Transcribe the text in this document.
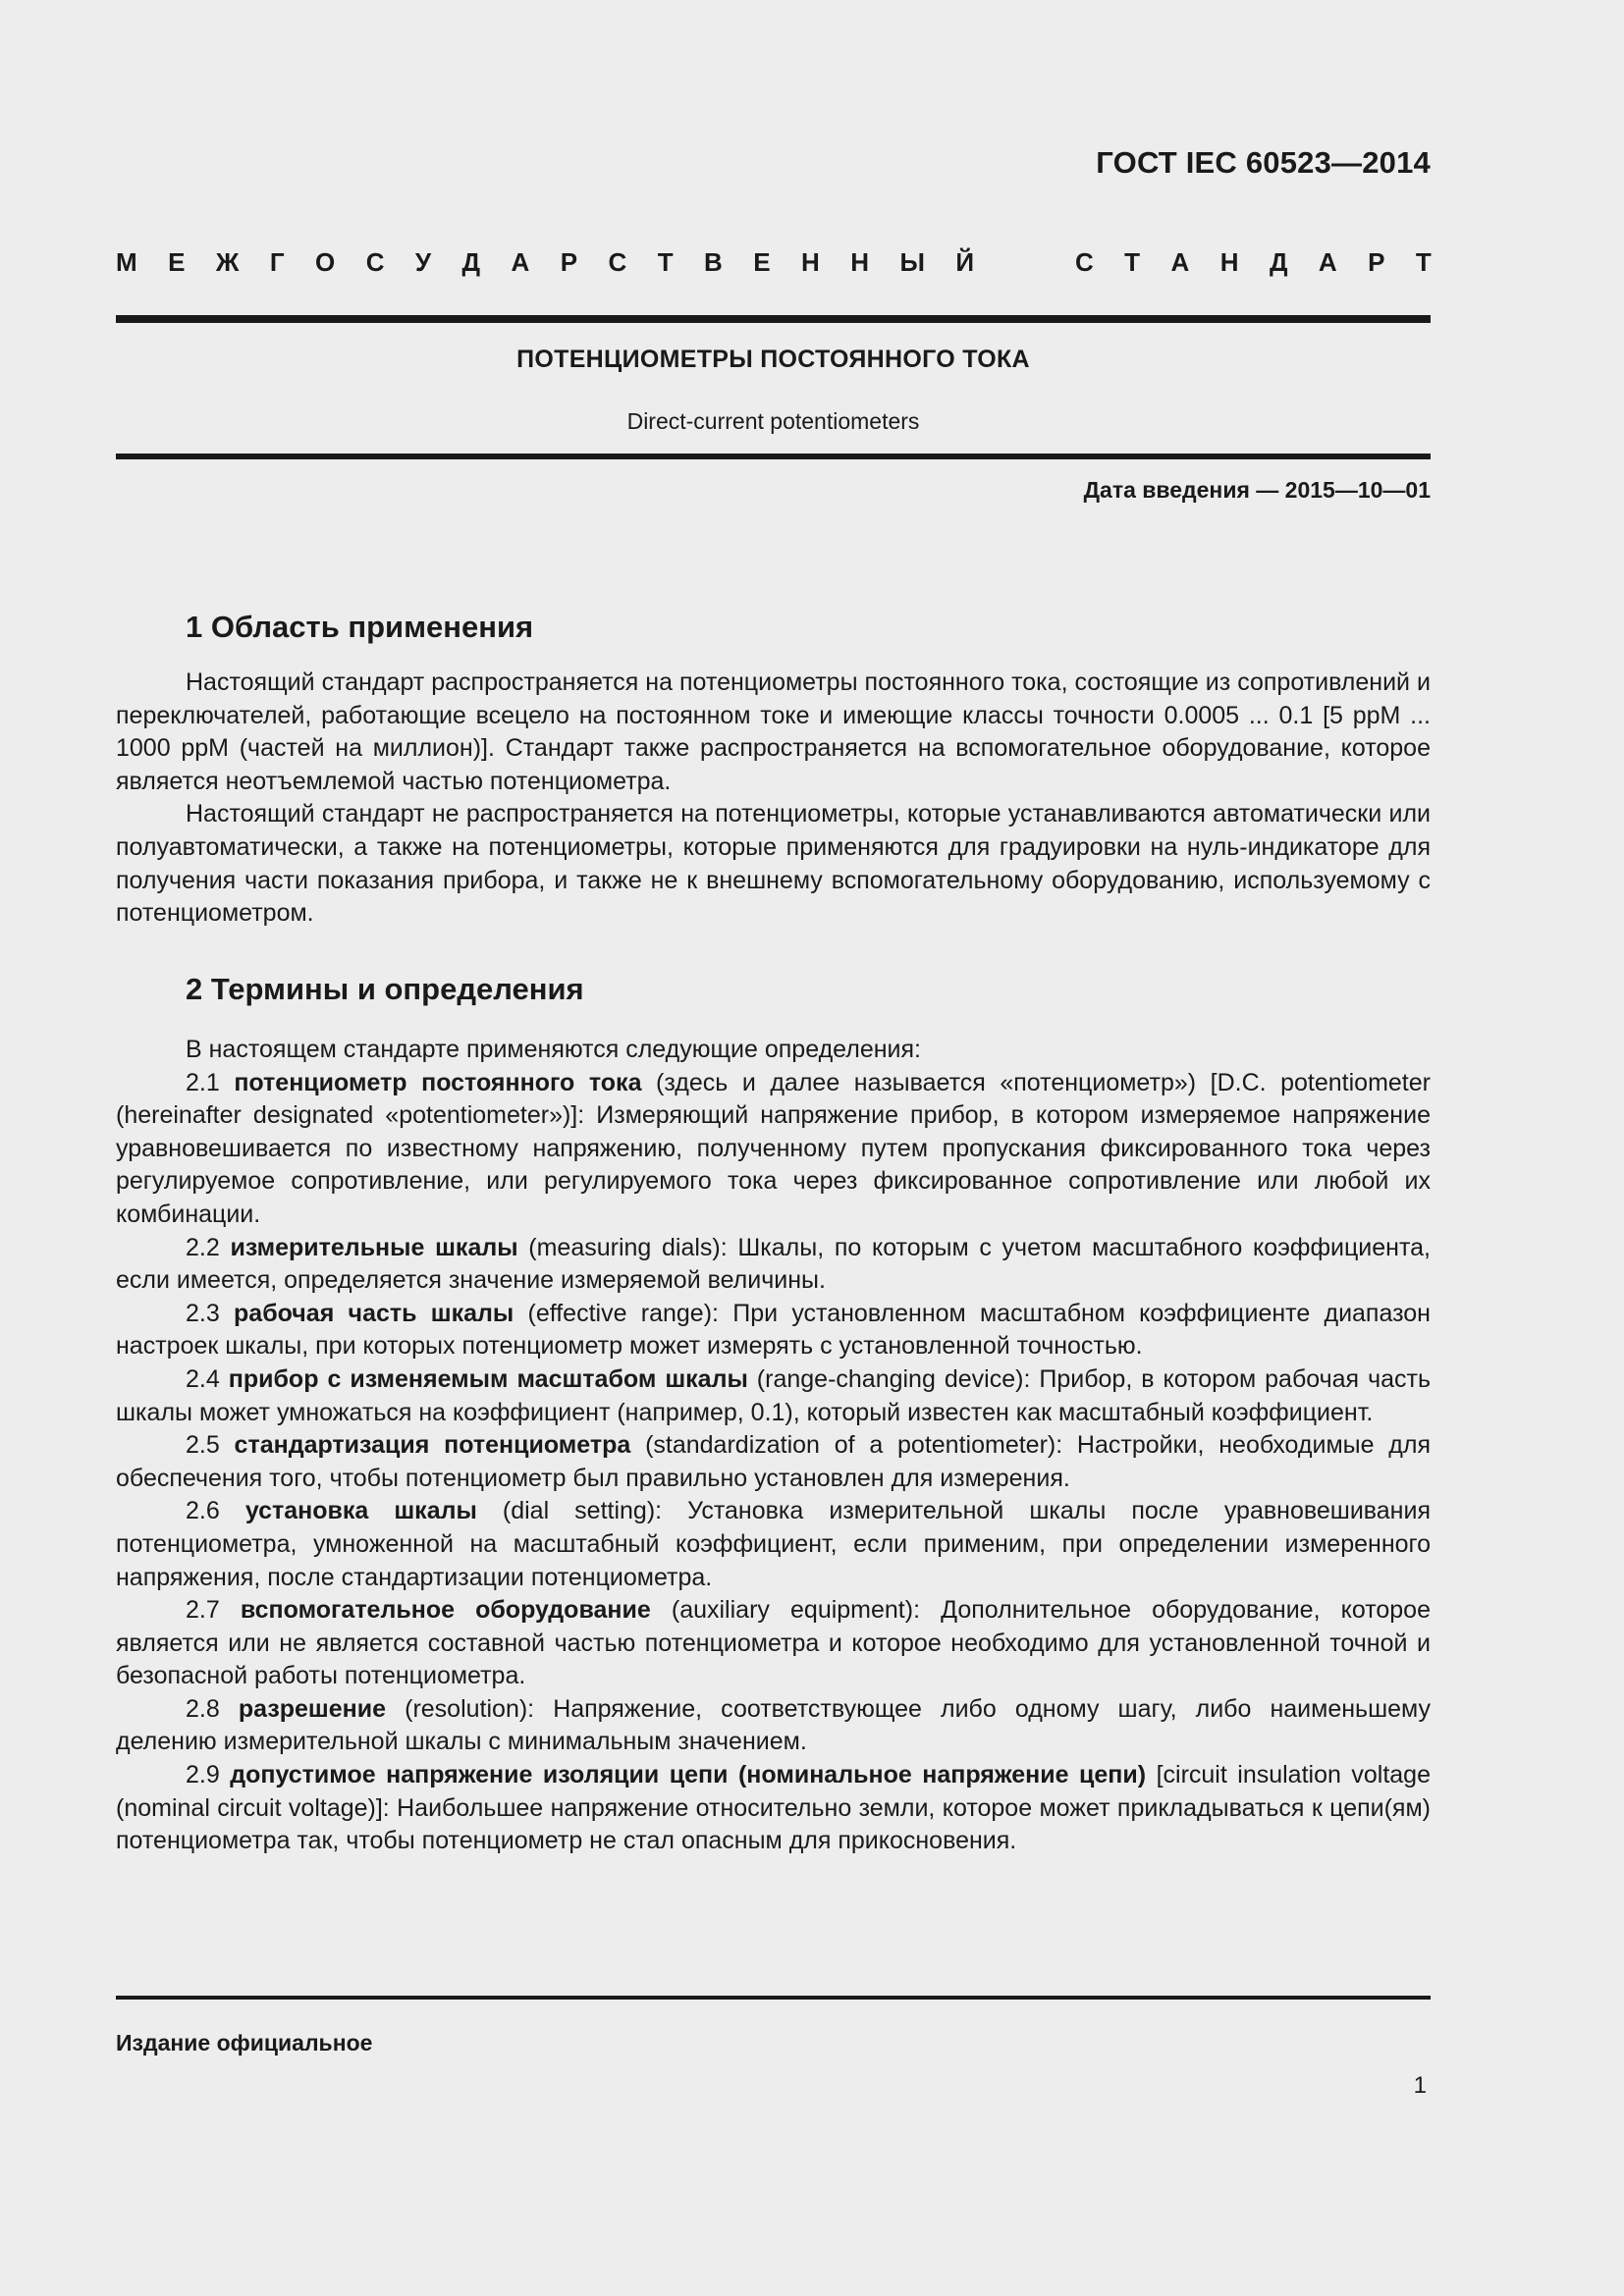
ГОСТ IEC 60523—2014
М Е Ж Г О С У Д А Р С Т В Е Н Н Ы Й	С Т А Н Д А Р Т
ПОТЕНЦИОМЕТРЫ ПОСТОЯННОГО ТОКА
Direct-current potentiometers
Дата введения — 2015—10—01
1 Область применения

Настоящий стандарт распространяется на потенциометры постоянного тока, состоящие из сопротивлений и переключателей, работающие всецело на постоянном токе и имеющие классы точности 0.0005 ... 0.1 [5 ppM ... 1000 ppM (частей на миллион)]. Стандарт также распространяется на вспомогательное оборудование, которое является неотъемлемой частью потенциометра.

Настоящий стандарт не распространяется на потенциометры, которые устанавливаются автоматически или полуавтоматически, а также на потенциометры, которые применяются для градуировки на нуль-индикаторе для получения части показания прибора, и также не к внешнему вспомогательному оборудованию, используемому с потенциометром.

2 Термины и определения

В настоящем стандарте применяются следующие определения:

2.1 потенциометр постоянного тока (здесь и далее называется «потенциометр») [D.C. potentiometer (hereinafter designated «potentiometer»)]: Измеряющий напряжение прибор, в котором измеряемое напряжение уравновешивается по известному напряжению, полученному путем пропускания фиксированного тока через регулируемое сопротивление, или регулируемого тока через фиксированное сопротивление или любой их комбинации.

2.2 измерительные шкалы (measuring dials): Шкалы, по которым с учетом масштабного коэффициента, если имеется, определяется значение измеряемой величины.

2.3 рабочая часть шкалы (effective range): При установленном масштабном коэффициенте диапазон настроек шкалы, при которых потенциометр может измерять с установленной точностью.

2.4 прибор с изменяемым масштабом шкалы (range-changing device): Прибор, в котором рабочая часть шкалы может умножаться на коэффициент (например, 0.1), который известен как масштабный коэффициент.

2.5 стандартизация потенциометра (standardization of a potentiometer): Настройки, необходимые для обеспечения того, чтобы потенциометр был правильно установлен для измерения.

2.6 установка шкалы (dial setting): Установка измерительной шкалы после уравновешивания потенциометра, умноженной на масштабный коэффициент, если применим, при определении измеренного напряжения, после стандартизации потенциометра.

2.7 вспомогательное оборудование (auxiliary equipment): Дополнительное оборудование, которое является или не является составной частью потенциометра и которое необходимо для установленной точной и безопасной работы потенциометра.

2.8 разрешение (resolution): Напряжение, соответствующее либо одному шагу, либо наименьшему делению измерительной шкалы с минимальным значением.

2.9 допустимое напряжение изоляции цепи (номинальное напряжение цепи) [circuit insulation voltage (nominal circuit voltage)]: Наибольшее напряжение относительно земли, которое может прикладываться к цепи(ям) потенциометра так, чтобы потенциометр не стал опасным для прикосновения.

Издание официальное
1
